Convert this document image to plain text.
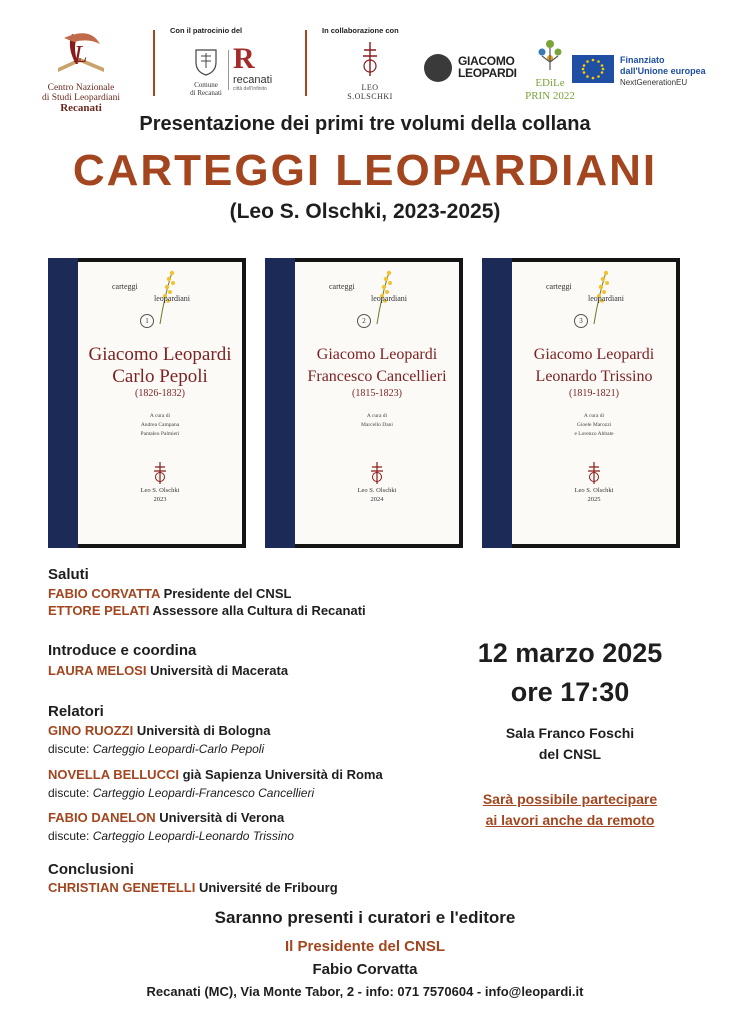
L
Centro Nazionale
di Studi Leopardiani
Recanati
Con il patrocinio del
Comune
di Recanati
R
recanati
città dell'infinito
In collaborazione con
LEO S.OLSCHKI
GIACOMO
LEOPARDI
EDiLe
PRIN 2022
Finanziato
dall'Unione europea
NextGenerationEU
Presentazione dei primi tre volumi della collana
CARTEGGI LEOPARDIANI
(Leo S. Olschki, 2023-2025)
carteggi
leopardiani
1
Giacomo Leopardi
Carlo Pepoli
(1826-1832)
A cura di
Andrea Campana
Pantaleo Palmieri
Leo S. Olschki
2023
carteggi
leopardiani
2
Giacomo Leopardi
Francesco Cancellieri
(1815-1823)
A cura di
Marcello Dani
Leo S. Olschki
2024
carteggi
leopardiani
3
Giacomo Leopardi
Leonardo Trissino
(1819-1821)
A cura di
Gioele Marozzi
e Lorenzo Abbate
Leo S. Olschki
2025
Saluti
FABIO CORVATTA Presidente del CNSL
ETTORE PELATI Assessore alla Cultura di Recanati
Introduce e coordina
LAURA MELOSI Università di Macerata
Relatori
GINO RUOZZI Università di Bologna
discute: Carteggio Leopardi-Carlo Pepoli
NOVELLA BELLUCCI già Sapienza Università di Roma
discute: Carteggio Leopardi-Francesco Cancellieri
FABIO DANELON Università di Verona
discute: Carteggio Leopardi-Leonardo Trissino
Conclusioni
CHRISTIAN GENETELLI Université de Fribourg
12 marzo 2025
ore 17:30
Sala Franco Foschi
del CNSL
Sarà possibile partecipare
ai lavori anche da remoto
Saranno presenti i curatori e l'editore
Il Presidente del CNSL
Fabio Corvatta
Recanati (MC), Via Monte Tabor, 2 - info: 071 7570604 - info@leopardi.it
